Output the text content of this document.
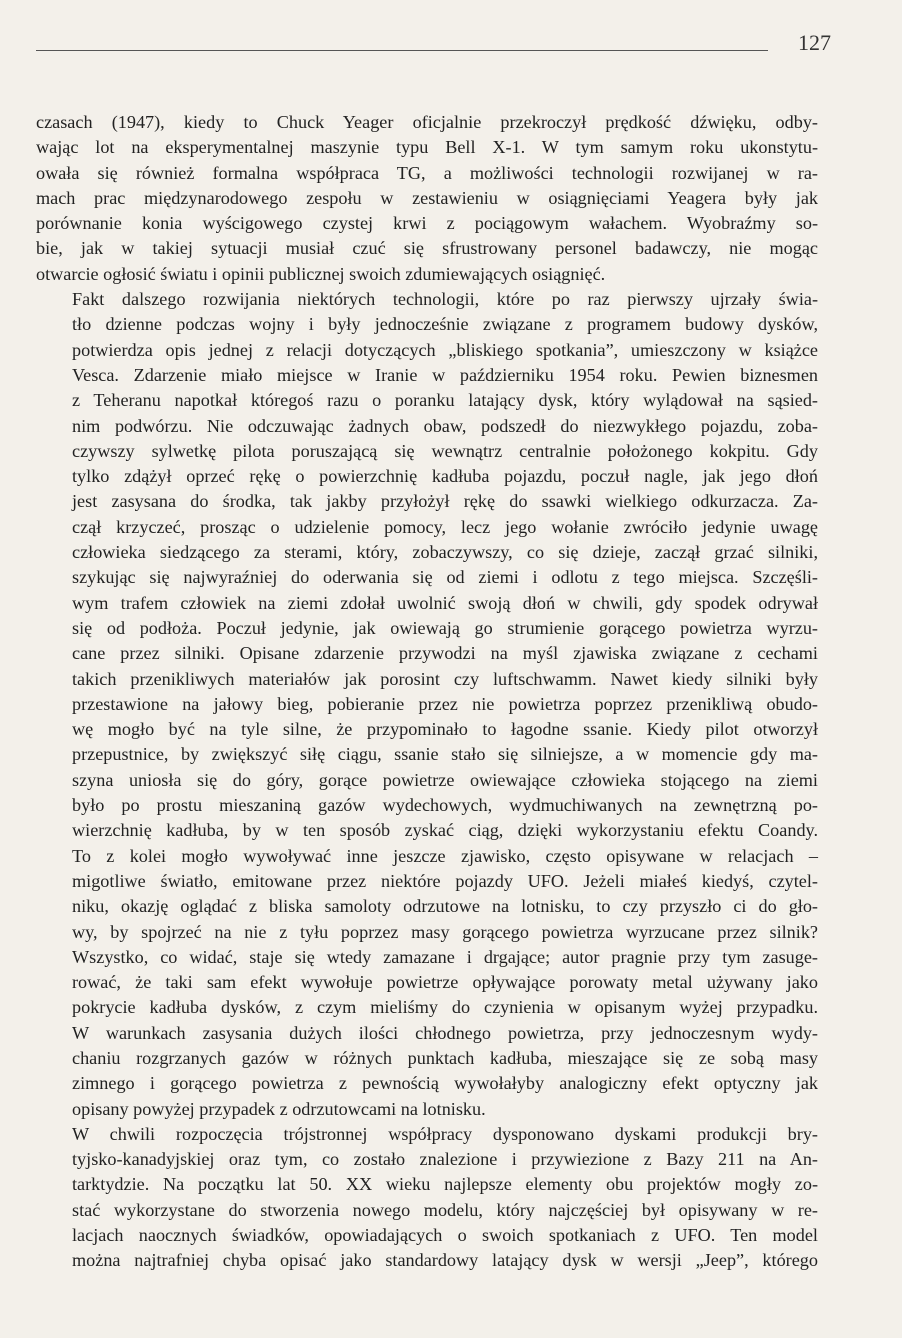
127

czasach (1947), kiedy to Chuck Yeager oficjalnie przekroczył prędkość dźwięku, odby-
wając lot na eksperymentalnej maszynie typu Bell X-1. W tym samym roku ukonstytu-
owała się również formalna współpraca TG, a możliwości technologii rozwijanej w ra-
mach prac międzynarodowego zespołu w zestawieniu w osiągnięciami Yeagera były jak
porównanie konia wyścigowego czystej krwi z pociągowym wałachem. Wyobraźmy so-
bie, jak w takiej sytuacji musiał czuć się sfrustrowany personel badawczy, nie mogąc
otwarcie ogłosić światu i opinii publicznej swoich zdumiewających osiągnięć.

Fakt dalszego rozwijania niektórych technologii, które po raz pierwszy ujrzały świa-
tło dzienne podczas wojny i były jednocześnie związane z programem budowy dysków,
potwierdza opis jednej z relacji dotyczących „bliskiego spotkania”, umieszczony w książce
Vesca. Zdarzenie miało miejsce w Iranie w październiku 1954 roku. Pewien biznesmen
z Teheranu napotkał któregoś razu o poranku latający dysk, który wylądował na sąsied-
nim podwórzu. Nie odczuwając żadnych obaw, podszedł do niezwykłego pojazdu, zoba-
czywszy sylwetkę pilota poruszającą się wewnątrz centralnie położonego kokpitu. Gdy
tylko zdążył oprzeć rękę o powierzchnię kadłuba pojazdu, poczuł nagle, jak jego dłoń
jest zasysana do środka, tak jakby przyłożył rękę do ssawki wielkiego odkurzacza. Za-
czął krzyczeć, prosząc o udzielenie pomocy, lecz jego wołanie zwróciło jedynie uwagę
człowieka siedzącego za sterami, który, zobaczywszy, co się dzieje, zaczął grzać silniki,
szykując się najwyraźniej do oderwania się od ziemi i odlotu z tego miejsca. Szczęśli-
wym trafem człowiek na ziemi zdołał uwolnić swoją dłoń w chwili, gdy spodek odrywał
się od podłoża. Poczuł jedynie, jak owiewają go strumienie gorącego powietrza wyrzu-
cane przez silniki. Opisane zdarzenie przywodzi na myśl zjawiska związane z cechami
takich przenikliwych materiałów jak porosint czy luftschwamm. Nawet kiedy silniki były
przestawione na jałowy bieg, pobieranie przez nie powietrza poprzez przenikliwą obudo-
wę mogło być na tyle silne, że przypominało to łagodne ssanie. Kiedy pilot otworzył
przepustnice, by zwiększyć siłę ciągu, ssanie stało się silniejsze, a w momencie gdy ma-
szyna uniosła się do góry, gorące powietrze owiewające człowieka stojącego na ziemi
było po prostu mieszaniną gazów wydechowych, wydmuchiwanych na zewnętrzną po-
wierzchnię kadłuba, by w ten sposób zyskać ciąg, dzięki wykorzystaniu efektu Coandy.
To z kolei mogło wywoływać inne jeszcze zjawisko, często opisywane w relacjach –
migotliwe światło, emitowane przez niektóre pojazdy UFO. Jeżeli miałeś kiedyś, czytel-
niku, okazję oglądać z bliska samoloty odrzutowe na lotnisku, to czy przyszło ci do gło-
wy, by spojrzeć na nie z tyłu poprzez masy gorącego powietrza wyrzucane przez silnik?
Wszystko, co widać, staje się wtedy zamazane i drgające; autor pragnie przy tym zasuge-
rować, że taki sam efekt wywołuje powietrze opływające porowaty metal używany jako
pokrycie kadłuba dysków, z czym mieliśmy do czynienia w opisanym wyżej przypadku.
W warunkach zasysania dużych ilości chłodnego powietrza, przy jednoczesnym wydy-
chaniu rozgrzanych gazów w różnych punktach kadłuba, mieszające się ze sobą masy
zimnego i gorącego powietrza z pewnością wywołałyby analogiczny efekt optyczny jak
opisany powyżej przypadek z odrzutowcami na lotnisku.

W chwili rozpoczęcia trójstronnej współpracy dysponowano dyskami produkcji bry-
tyjsko-kanadyjskiej oraz tym, co zostało znalezione i przywiezione z Bazy 211 na An-
tarktydzie. Na początku lat 50. XX wieku najlepsze elementy obu projektów mogły zo-
stać wykorzystane do stworzenia nowego modelu, który najczęściej był opisywany w re-
lacjach naocznych świadków, opowiadających o swoich spotkaniach z UFO. Ten model
można najtrafniej chyba opisać jako standardowy latający dysk w wersji „Jeep”, którego
